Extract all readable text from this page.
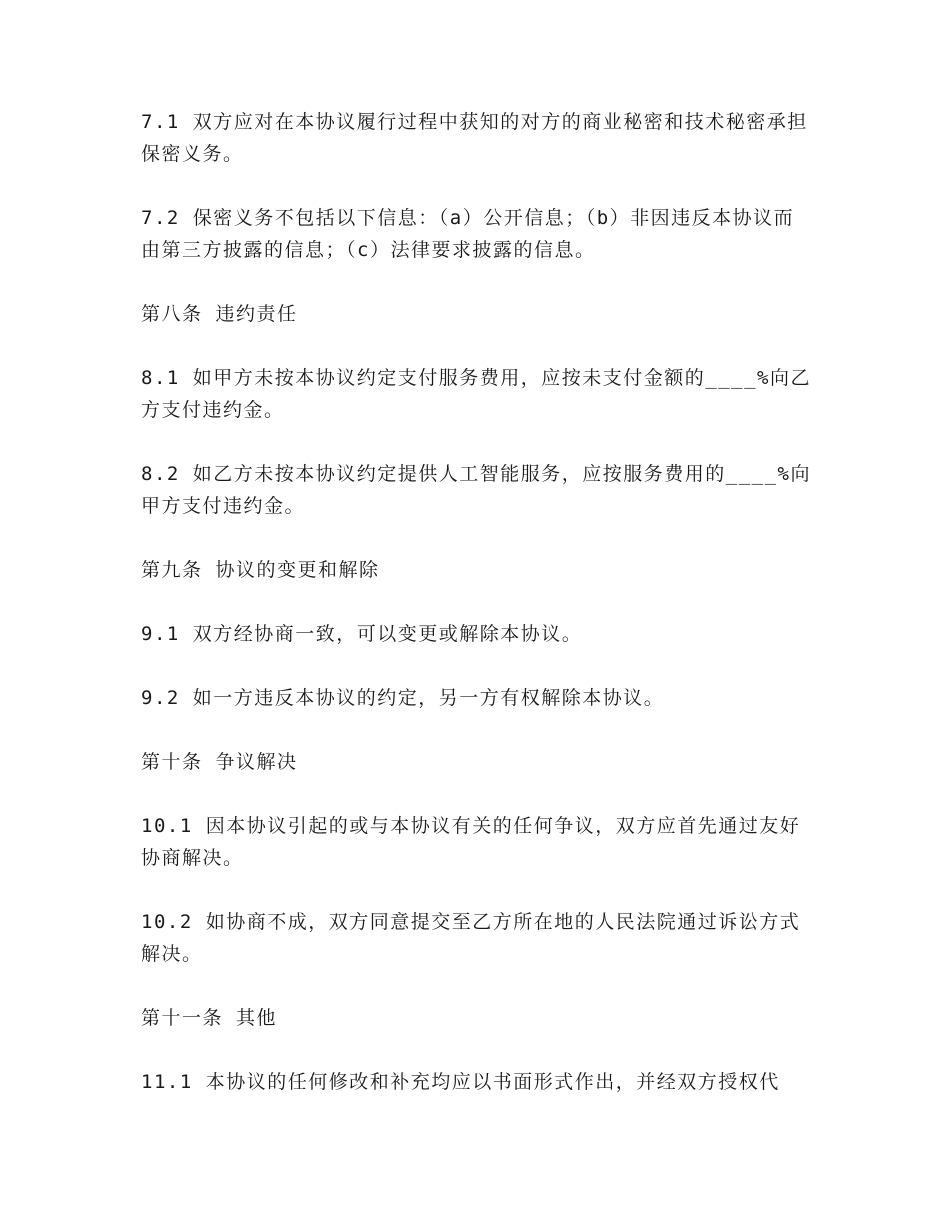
7.1 双方应对在本协议履行过程中获知的对方的商业秘密和技术秘密承担保密义务。

7.2 保密义务不包括以下信息：（a）公开信息；（b）非因违反本协议而由第三方披露的信息；（c）法律要求披露的信息。

第八条 违约责任

8.1 如甲方未按本协议约定支付服务费用，应按未支付金额的____%向乙方支付违约金。

8.2 如乙方未按本协议约定提供人工智能服务，应按服务费用的____%向甲方支付违约金。

第九条 协议的变更和解除

9.1 双方经协商一致，可以变更或解除本协议。

9.2 如一方违反本协议的约定，另一方有权解除本协议。

第十条 争议解决

10.1 因本协议引起的或与本协议有关的任何争议，双方应首先通过友好协商解决。

10.2 如协商不成，双方同意提交至乙方所在地的人民法院通过诉讼方式解决。

第十一条 其他

11.1 本协议的任何修改和补充均应以书面形式作出，并经双方授权代
